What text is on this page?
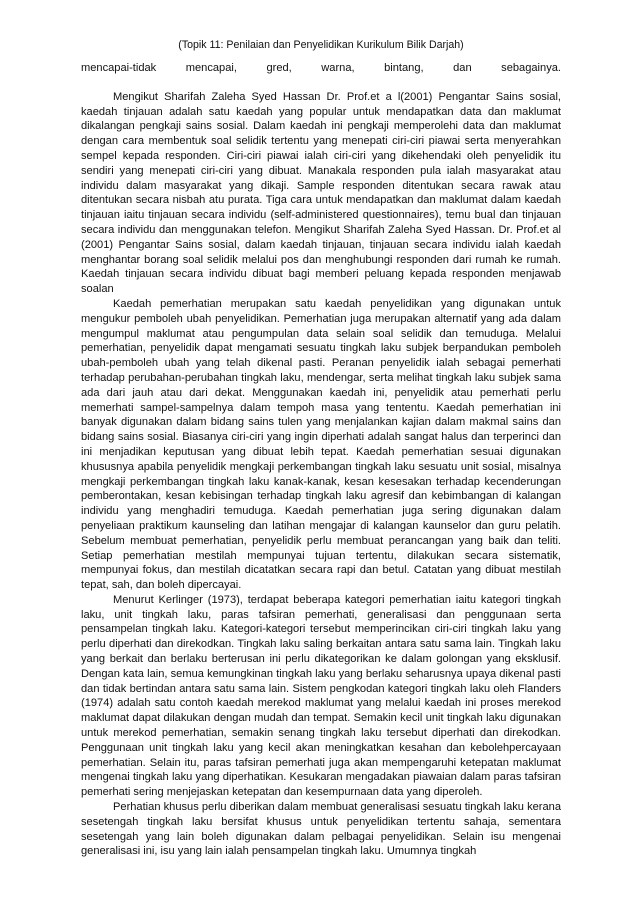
(Topik 11: Penilaian dan Penyelidikan Kurikulum Bilik Darjah)

mencapai-tidak mencapai, gred, warna, bintang, dan sebagainya.

Mengikut Sharifah Zaleha Syed Hassan Dr. Prof.et a l(2001) Pengantar Sains sosial, kaedah tinjauan adalah satu kaedah yang popular untuk mendapatkan data dan maklumat dikalangan pengkaji sains sosial. Dalam kaedah ini pengkaji memperolehi data dan maklumat dengan cara membentuk soal selidik tertentu yang menepati ciri-ciri piawai serta menyerahkan sempel kepada responden. Ciri-ciri piawai ialah ciri-ciri yang dikehendaki oleh penyelidik itu sendiri yang menepati ciri-ciri yang dibuat. Manakala responden pula ialah masyarakat atau individu dalam masyarakat yang dikaji. Sample responden ditentukan secara rawak atau ditentukan secara nisbah atu purata. Tiga cara untuk mendapatkan dan maklumat dalam kaedah tinjauan iaitu tinjauan secara individu (self-administered questionnaires), temu bual dan tinjauan secara individu dan menggunakan telefon. Mengikut Sharifah Zaleha Syed Hassan. Dr. Prof.et al (2001) Pengantar Sains sosial, dalam kaedah tinjauan, tinjauan secara individu ialah kaedah menghantar borang soal selidik melalui pos dan menghubungi responden dari rumah ke rumah. Kaedah tinjauan secara individu dibuat bagi memberi peluang kepada responden menjawab soalan

Kaedah pemerhatian merupakan satu kaedah penyelidikan yang digunakan untuk mengukur pemboleh ubah penyelidikan. Pemerhatian juga merupakan alternatif yang ada dalam mengumpul maklumat atau pengumpulan data selain soal selidik dan temuduga. Melalui pemerhatian, penyelidik dapat mengamati sesuatu tingkah laku subjek berpandukan pemboleh ubah-pemboleh ubah yang telah dikenal pasti. Peranan penyelidik ialah sebagai pemerhati terhadap perubahan-perubahan tingkah laku, mendengar, serta melihat tingkah laku subjek sama ada dari jauh atau dari dekat. Menggunakan kaedah ini, penyelidik atau pemerhati perlu memerhati sampel-sampelnya dalam tempoh masa yang tententu. Kaedah pemerhatian ini banyak digunakan dalam bidang sains tulen yang menjalankan kajian dalam makmal sains dan bidang sains sosial. Biasanya ciri-ciri yang ingin diperhati adalah sangat halus dan terperinci dan ini menjadikan keputusan yang dibuat lebih tepat. Kaedah pemerhatian sesuai digunakan khususnya apabila penyelidik mengkaji perkembangan tingkah laku sesuatu unit sosial, misalnya mengkaji perkembangan tingkah laku kanak-kanak, kesan kesesakan terhadap kecenderungan pemberontakan, kesan kebisingan terhadap tingkah laku agresif dan kebimbangan di kalangan individu yang menghadiri temuduga. Kaedah pemerhatian juga sering digunakan dalam penyeliaan praktikum kaunseling dan latihan mengajar di kalangan kaunselor dan guru pelatih. Sebelum membuat pemerhatian, penyelidik perlu membuat perancangan yang baik dan teliti. Setiap pemerhatian mestilah mempunyai tujuan tertentu, dilakukan secara sistematik, mempunyai fokus, dan mestilah dicatatkan secara rapi dan betul. Catatan yang dibuat mestilah tepat, sah, dan boleh dipercayai.

Menurut Kerlinger (1973), terdapat beberapa kategori pemerhatian iaitu kategori tingkah laku, unit tingkah laku, paras tafsiran pemerhati, generalisasi dan penggunaan serta pensampelan tingkah laku. Kategori-kategori tersebut memperincikan ciri-ciri tingkah laku yang perlu diperhati dan direkodkan. Tingkah laku saling berkaitan antara satu sama lain. Tingkah laku yang berkait dan berlaku berterusan ini perlu dikategorikan ke dalam golongan yang eksklusif. Dengan kata lain, semua kemungkinan tingkah laku yang berlaku seharusnya upaya dikenal pasti dan tidak bertindan antara satu sama lain. Sistem pengkodan kategori tingkah laku oleh Flanders (1974) adalah satu contoh kaedah merekod maklumat yang melalui kaedah ini proses merekod maklumat dapat dilakukan dengan mudah dan tempat. Semakin kecil unit tingkah laku digunakan untuk merekod pemerhatian, semakin senang tingkah laku tersebut diperhati dan direkodkan. Penggunaan unit tingkah laku yang kecil akan meningkatkan kesahan dan kebolehpercayaan pemerhatian. Selain itu, paras tafsiran pemerhati juga akan mempengaruhi ketepatan maklumat mengenai tingkah laku yang diperhatikan. Kesukaran mengadakan piawaian dalam paras tafsiran pemerhati sering menjejaskan ketepatan dan kesempurnaan data yang diperoleh.

Perhatian khusus perlu diberikan dalam membuat generalisasi sesuatu tingkah laku kerana sesetengah tingkah laku bersifat khusus untuk penyelidikan tertentu sahaja, sementara sesetengah yang lain boleh digunakan dalam pelbagai penyelidikan. Selain isu mengenai generalisasi ini, isu yang lain ialah pensampelan tingkah laku. Umumnya tingkah
